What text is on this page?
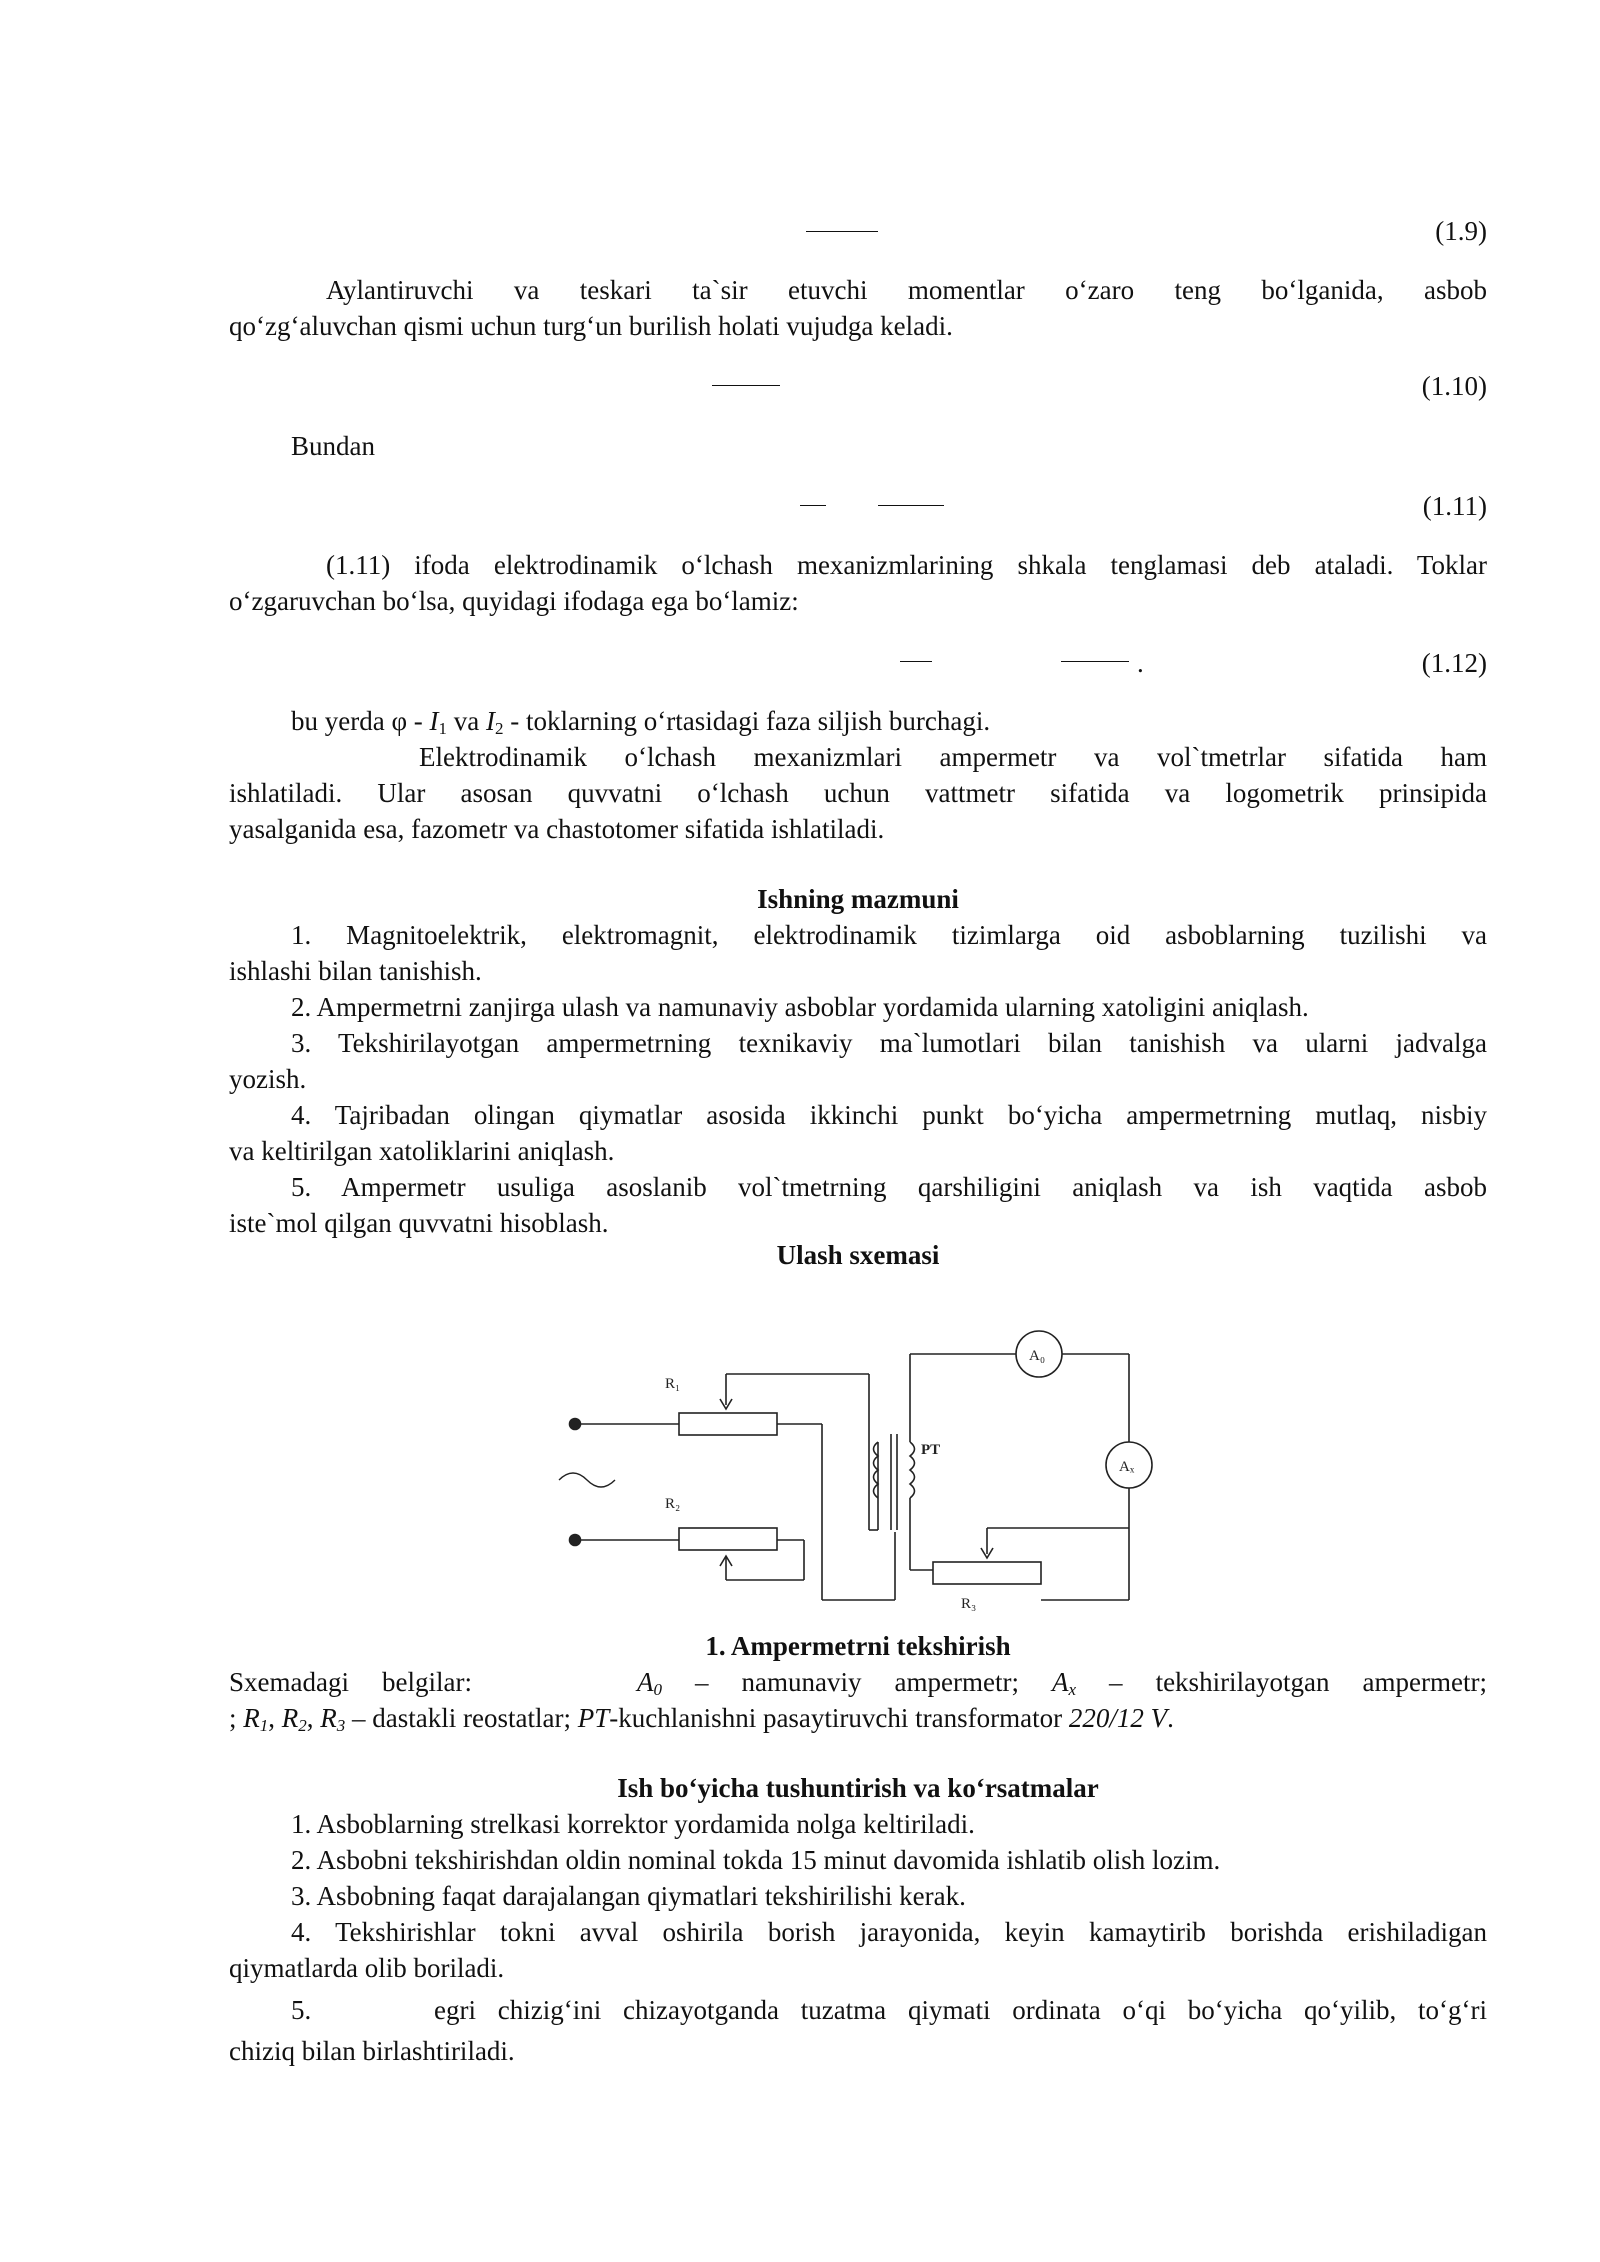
(1.9)
Aylantiruvchi va teskari ta`sir etuvchi momentlar o‘zaro teng bo‘lganida, asbob
qo‘zg‘aluvchan qismi uchun turg‘un burilish holati vujudga keladi.
(1.10)
Bundan
(1.11)
(1.11) ifoda elektrodinamik o‘lchash mexanizmlarining shkala tenglamasi deb ataladi. Toklar
o‘zgaruvchan bo‘lsa, quyidagi ifodaga ega bo‘lamiz:
.	(1.12)
bu yerda φ - $I_1$ va $I_2$ - toklarning o‘rtasidagi faza siljish burchagi.
Elektrodinamik o‘lchash mexanizmlari ampermetr va vol`tmetrlar sifatida ham
ishlatiladi. Ular asosan quvvatni o‘lchash uchun vattmetr sifatida va logometrik prinsipida
yasalganida esa, fazometr va chastotomer sifatida ishlatiladi.
Ishning mazmuni
1. Magnitoelektrik, elektromagnit, elektrodinamik tizimlarga oid asboblarning tuzilishi va
ishlashi bilan tanishish.
2. Ampermetrni zanjirga ulash va namunaviy asboblar yordamida ularning xatoligini aniqlash.
3. Tekshirilayotgan ampermetrning texnikaviy ma`lumotlari bilan tanishish va ularni jadvalga
yozish.
4. Tajribadan olingan qiymatlar asosida ikkinchi punkt bo‘yicha ampermetrning mutlaq, nisbiy
va keltirilgan xatoliklarini aniqlash.
5. Ampermetr usuliga asoslanib vol`tmetrning qarshiligini aniqlash va ish vaqtida asbob
iste`mol qilgan quvvatni hisoblash.
Ulash sxemasi
R₁
R₂
R₃
PT
A₀
Aₓ
1. Ampermetrni tekshirish
Sxemadagi belgilar:	$A_0$ – namunaviy ampermetr; $A_x$ – tekshirilayotgan ampermetr;
; $R_1$, $R_2$, $R_3$ – dastakli reostatlar; PT-kuchlanishni pasaytiruvchi transformator 220/12 V.
Ish bo‘yicha tushuntirish va ko‘rsatmalar
1. Asboblarning strelkasi korrektor yordamida nolga keltiriladi.
2. Asbobni tekshirishdan oldin nominal tokda 15 minut davomida ishlatib olish lozim.
3. Asbobning faqat darajalangan qiymatlari tekshirilishi kerak.
4. Tekshirishlar tokni avval oshirila borish jarayonida, keyin kamaytirib borishda erishiladigan
qiymatlarda olib boriladi.
5.	egri chizig‘ini chizayotganda tuzatma qiymati ordinata o‘qi bo‘yicha qo‘yilib, to‘g‘ri
chiziq bilan birlashtiriladi.
